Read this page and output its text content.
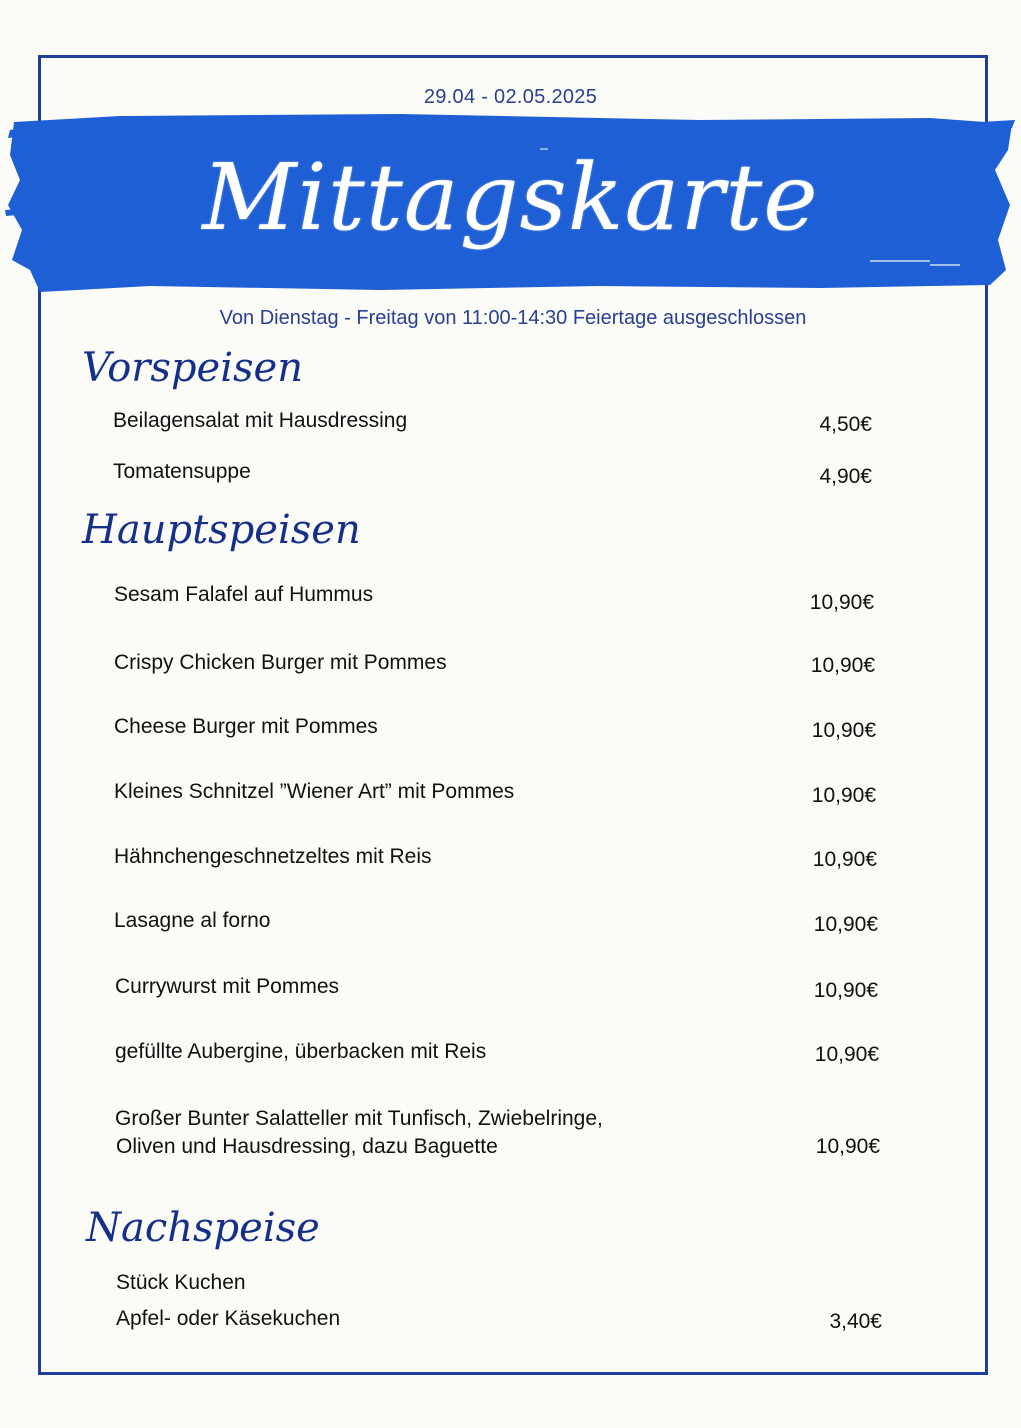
29.04 - 02.05.2025
Mittagskarte
Von Dienstag - Freitag von 11:00-14:30 Feiertage ausgeschlossen
Vorspeisen
Beilagensalat mit Hausdressing	4,50€
Tomatensuppe	4,90€
Hauptspeisen
Sesam Falafel auf Hummus	10,90€
Crispy Chicken Burger mit Pommes	10,90€
Cheese Burger mit Pommes	10,90€
Kleines Schnitzel ”Wiener Art” mit Pommes	10,90€
Hähnchengeschnetzeltes mit Reis	10,90€
Lasagne al forno	10,90€
Currywurst mit Pommes	10,90€
gefüllte Aubergine, überbacken mit Reis	10,90€
Großer Bunter Salatteller mit Tunfisch, Zwiebelringe,
Oliven und Hausdressing, dazu Baguette	10,90€
Nachspeise
Stück Kuchen
Apfel- oder Käsekuchen	3,40€
